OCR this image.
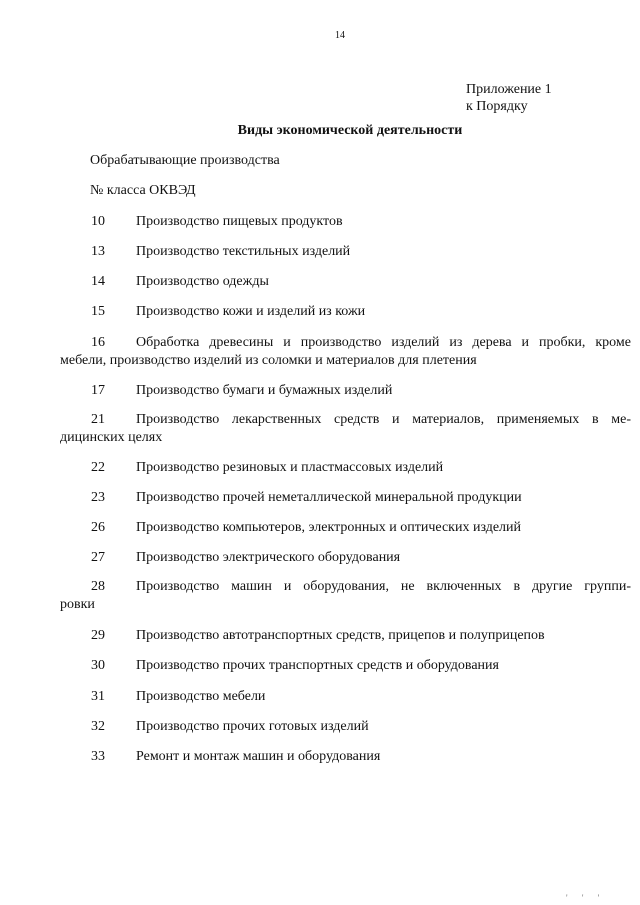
14
Приложение 1
к Порядку
Виды экономической деятельности
Обрабатывающие производства
№ класса ОКВЭД
10 Производство пищевых продуктов
13 Производство текстильных изделий
14 Производство одежды
15 Производство кожи и изделий из кожи
16 Обработка древесины и производство изделий из дерева и пробки, кроме
мебели, производство изделий из соломки и материалов для плетения
17 Производство бумаги и бумажных изделий
21 Производство лекарственных средств и материалов, применяемых в ме-
дицинских целях
22 Производство резиновых и пластмассовых изделий
23 Производство прочей неметаллической минеральной продукции
26 Производство компьютеров, электронных и оптических изделий
27 Производство электрического оборудования
28 Производство машин и оборудования, не включенных в другие группи-
ровки
29 Производство автотранспортных средств, прицепов и полуприцепов
30 Производство прочих транспортных средств и оборудования
31 Производство мебели
32 Производство прочих готовых изделий
33 Ремонт и монтаж машин и оборудования
' ' '
